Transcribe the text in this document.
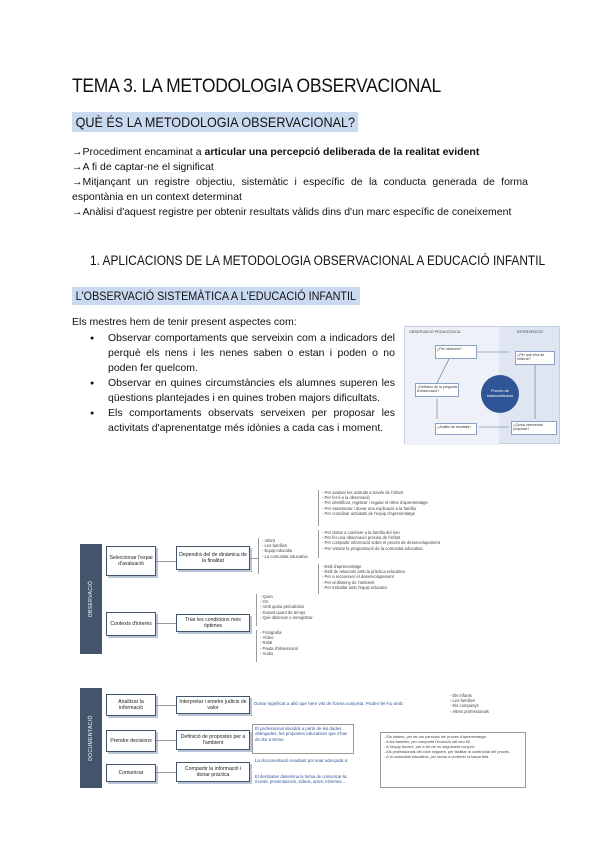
TEMA 3. LA METODOLOGIA OBSERVACIONAL
QUÈ ÉS LA METODOLOGIA OBSERVACIONAL?
→Procediment encaminat a articular una percepció deliberada de la realitat evident
→A fi de captar-ne el significat
→Mitjançant un registre objectiu, sistemàtic i específic de la conducta generada de forma espontània en un context determinat
→Anàlisi d'aquest registre per obtenir resultats vàlids dins d'un marc específic de coneixement
1. APLICACIONS DE LA METODOLOGIA OBSERVACIONAL A EDUCACIÓ INFANTIL
L'OBSERVACIÓ SISTEMÀTICA A L'EDUCACIÓ INFANTIL
Els mestres hem de tenir present aspectes com:
● Observar comportaments que serveixin com a indicadors del perquè els nens i les nenes saben o estan i poden o no poden fer quelcom.
● Observar en quines circumstàncies els alumnes superen les qüestions plantejades i en quines troben majors dificultats.
● Els comportaments observats serveixen per proposar les activitats d'aprenentatge més idònies a cada cas i moment.
OBSERVACIÓ PEDAGÒGICA	INTERVENCIÓ
¿Per observar?
¿Definició de la pregunta d'observació?
¿Anàlisi de resultats?
¿Per què s'ha de millorar?
¿Quina intervenció proposar?
Procés de sistematització
OBSERVACIÓ
DOCUMENTACIÓ
Seleccionar l'espai d'avaluació
Dependrà del de dinàmica de la finalitat
Contexts d'interès
Triar les condicions més òptimes
Analitzar la informació
Interpretar i emetre judicis de valor
Prendre decisions
Definició de propostes per a l'ambient
Comunicar
Compartir la informació i donar pràctica
- Infant
- Les famílies
- Equip educatiu
- La comunitat educativa
- Per avaluar les actituds a través de l'infant
- Per fer-li a la observació
- Per identificar, registrar i regular el ritme d'aprenentatge
- Per assessorar i donar una explicació a la família
- Per coordinar activitats de l'equip d'aprenentatge
- Per donar a conèixer a la família del nen
- Per fer una observació precisa de l'infant
- Per compartir informació sobre el procés de desenvolupament
- Per valorar la programació de la comunitat educativa
- Estil d'aprenentatge
- Estil de relacions amb la pràctica educativa
- Per a reconeixer el desenvolupament
- Per al disseny de l'ambient
- Per treballar amb l'equip educatiu
- Quan
- On
- Amb quina periodicitat
- Durant quant de temps
- Què observar o enregistrar
- Fotografia
- Vídeo
- Relat
- Pauta d'observació
- Àudio
Donar significat a allò que hem vist de forma conjunta. Poden fer-ho amb:
- Els infants
- Les famílies
- Els companys
- Altres professionals
El professional decidirà a partir de les dades obtingudes, les propostes educatives que s'han de dur a terme.
La documentació resultant pot anar adreçada a:
El destinatari determina la forma de comunicar-la: murals, presentacions, vídeos, actes, informes...
- Els infants, per fer-los partícips del procés d'aprenentatge.
- A les famílies, per compartir l'evolució del seu fill.
- A l'equip docent, per a fer-ne un seguiment conjunt.
- Als professionals del cicle següent, per facilitar la continuïtat del procés.
- A la comunitat educativa, per donar a conèixer la tasca feta.
